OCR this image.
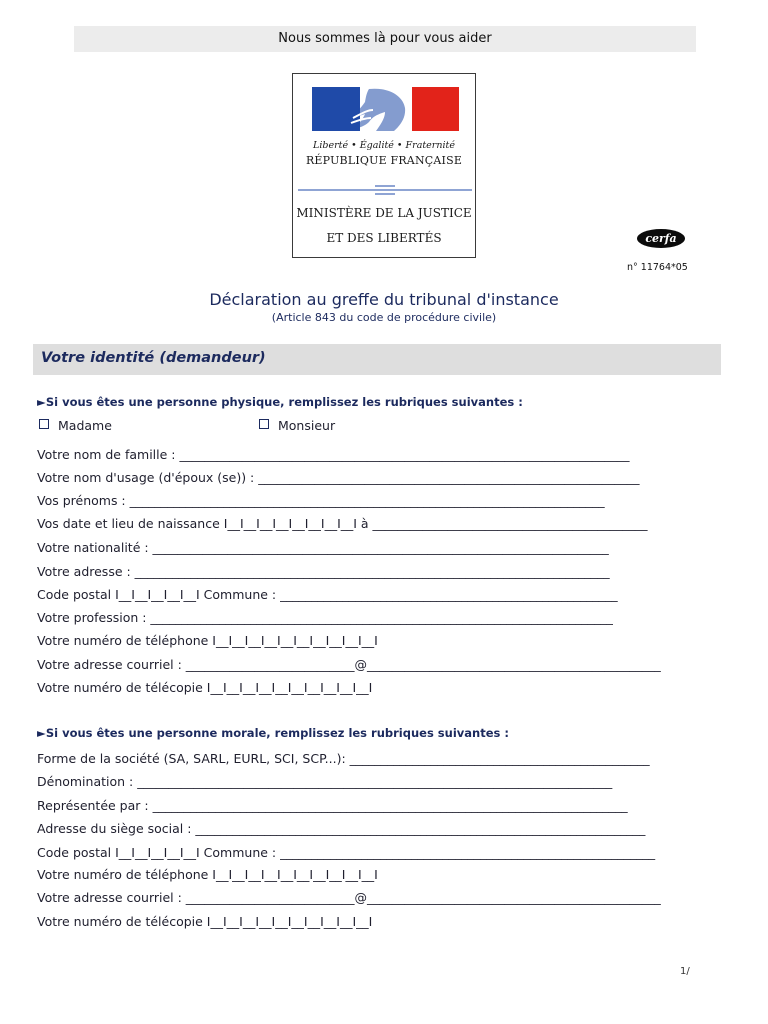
Nous sommes là pour vous aider
Liberté • Égalité • Fraternité
RÉPUBLIQUE FRANÇAISE
MINISTÈRE DE LA JUSTICE
ET DES LIBERTÉS	cerfa
n° 11764*05
Déclaration au greffe du tribunal d'instance
(Article 843 du code de procédure civile)
Votre identité (demandeur)
►Si vous êtes une personne physique, remplissez les rubriques suivantes :
Madame	Monsieur
Votre nom de famille : ________________________________________________________________________
Votre nom d'usage (d'époux (se)) : _____________________________________________________________
Vos prénoms : ____________________________________________________________________________
Vos date et lieu de naissance I__I__I__I__I__I__I__I__I à ____________________________________________
Votre nationalité : _________________________________________________________________________
Votre adresse : ____________________________________________________________________________
Code postal I__I__I__I__I__I Commune : ______________________________________________________
Votre profession : __________________________________________________________________________
Votre numéro de téléphone I__I__I__I__I__I__I__I__I__I__I
Votre adresse courriel : ___________________________@_______________________________________________
Votre numéro de télécopie I__I__I__I__I__I__I__I__I__I__I
►Si vous êtes une personne morale, remplissez les rubriques suivantes :
Forme de la société (SA, SARL, EURL, SCI, SCP...): ________________________________________________
Dénomination : ____________________________________________________________________________
Représentée par : ____________________________________________________________________________
Adresse du siège social : ________________________________________________________________________
Code postal I__I__I__I__I__I Commune : ____________________________________________________________
Votre numéro de téléphone I__I__I__I__I__I__I__I__I__I__I
Votre adresse courriel : ___________________________@_______________________________________________
Votre numéro de télécopie I__I__I__I__I__I__I__I__I__I__I
1/
